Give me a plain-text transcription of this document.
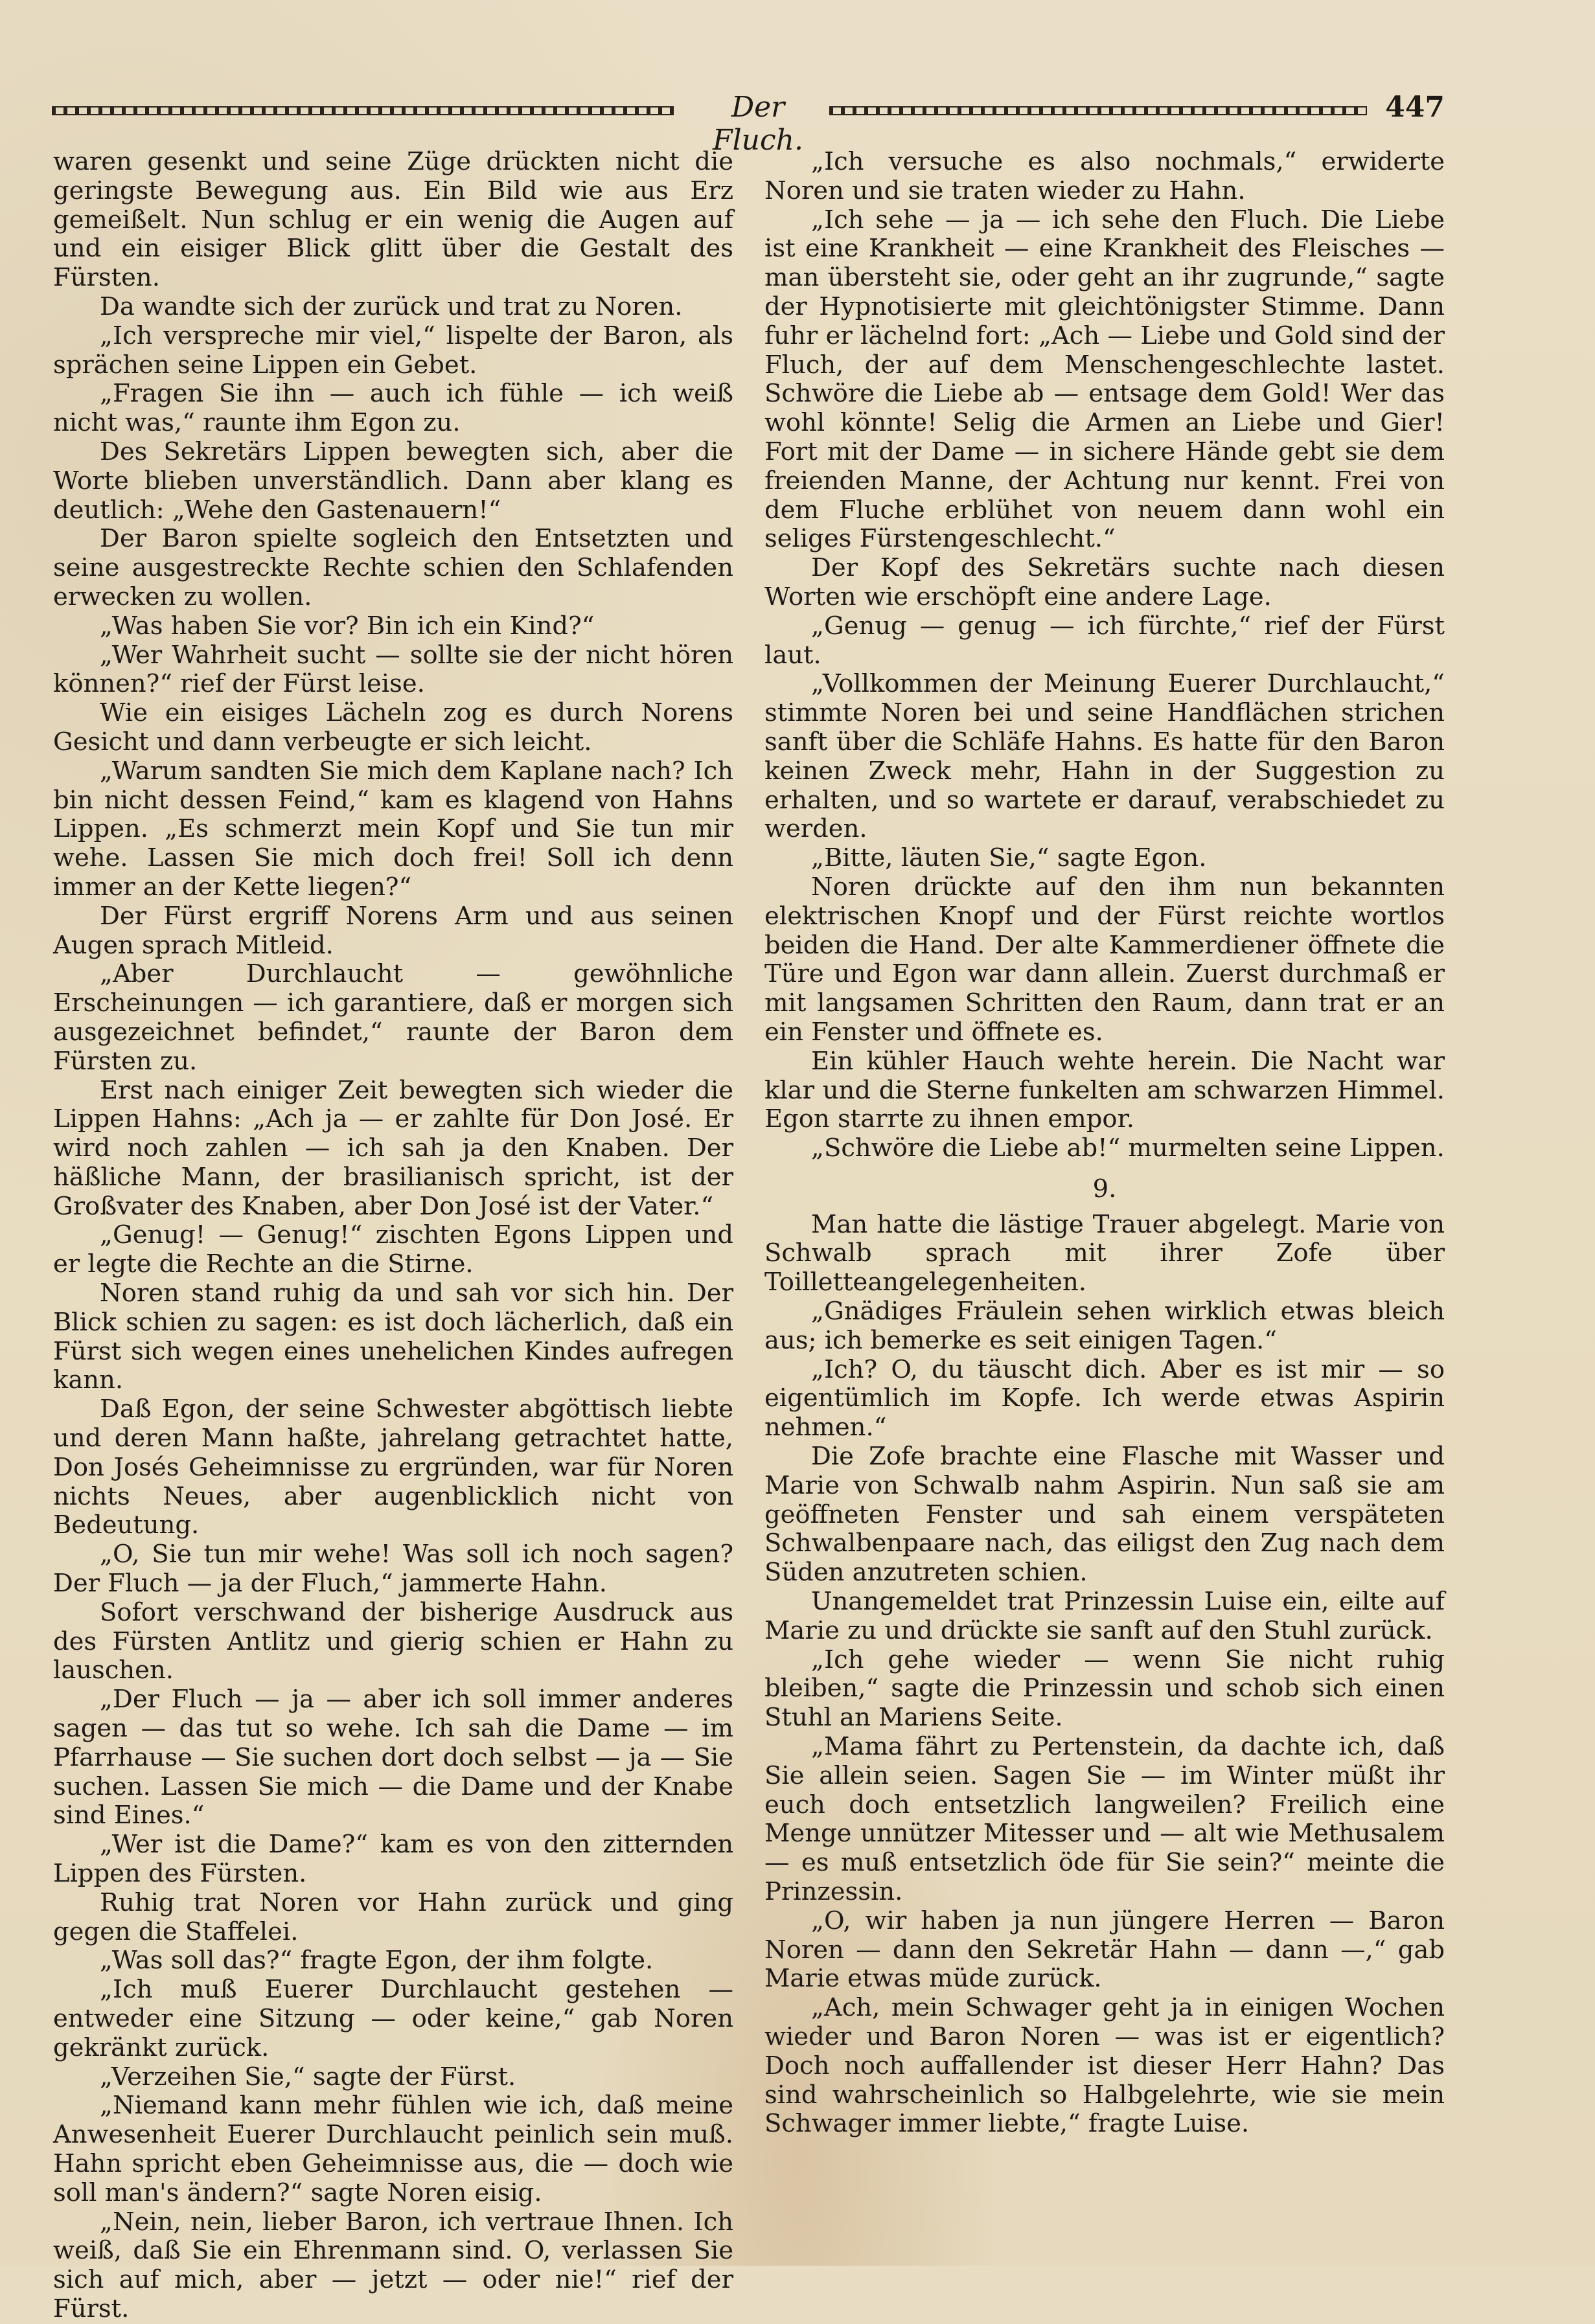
Der Fluch.
447

waren gesenkt und seine Züge drückten nicht die geringste Bewegung aus. Ein Bild wie aus Erz gemeißelt. Nun schlug er ein wenig die Augen auf und ein eisiger Blick glitt über die Gestalt des Fürsten.

Da wandte sich der zurück und trat zu Noren.

„Ich verspreche mir viel,“ lispelte der Baron, als sprächen seine Lippen ein Gebet.

„Fragen Sie ihn — auch ich fühle — ich weiß nicht was,“ raunte ihm Egon zu.

Des Sekretärs Lippen bewegten sich, aber die Worte blieben unverständlich. Dann aber klang es deutlich: „Wehe den Gastenauern!“

Der Baron spielte sogleich den Entsetzten und seine ausgestreckte Rechte schien den Schlafenden erwecken zu wollen.

„Was haben Sie vor? Bin ich ein Kind?“

„Wer Wahrheit sucht — sollte sie der nicht hören können?“ rief der Fürst leise.

Wie ein eisiges Lächeln zog es durch Norens Gesicht und dann verbeugte er sich leicht.

„Warum sandten Sie mich dem Kaplane nach? Ich bin nicht dessen Feind,“ kam es klagend von Hahns Lippen. „Es schmerzt mein Kopf und Sie tun mir wehe. Lassen Sie mich doch frei! Soll ich denn immer an der Kette liegen?“

Der Fürst ergriff Norens Arm und aus seinen Augen sprach Mitleid.

„Aber Durchlaucht — gewöhnliche Erscheinungen — ich garantiere, daß er morgen sich ausgezeichnet befindet,“ raunte der Baron dem Fürsten zu.

Erst nach einiger Zeit bewegten sich wieder die Lippen Hahns: „Ach ja — er zahlte für Don José. Er wird noch zahlen — ich sah ja den Knaben. Der häßliche Mann, der brasilianisch spricht, ist der Großvater des Knaben, aber Don José ist der Vater.“

„Genug! — Genug!“ zischten Egons Lippen und er legte die Rechte an die Stirne.

Noren stand ruhig da und sah vor sich hin. Der Blick schien zu sagen: es ist doch lächerlich, daß ein Fürst sich wegen eines unehelichen Kindes aufregen kann.

Daß Egon, der seine Schwester abgöttisch liebte und deren Mann haßte, jahrelang getrachtet hatte, Don Josés Geheimnisse zu ergründen, war für Noren nichts Neues, aber augenblicklich nicht von Bedeutung.

„O, Sie tun mir wehe! Was soll ich noch sagen? Der Fluch — ja der Fluch,“ jammerte Hahn.

Sofort verschwand der bisherige Ausdruck aus des Fürsten Antlitz und gierig schien er Hahn zu lauschen.

„Der Fluch — ja — aber ich soll immer anderes sagen — das tut so wehe. Ich sah die Dame — im Pfarrhause — Sie suchen dort doch selbst — ja — Sie suchen. Lassen Sie mich — die Dame und der Knabe sind Eines.“

„Wer ist die Dame?“ kam es von den zitternden Lippen des Fürsten.

Ruhig trat Noren vor Hahn zurück und ging gegen die Staffelei.

„Was soll das?“ fragte Egon, der ihm folgte.

„Ich muß Euerer Durchlaucht gestehen — entweder eine Sitzung — oder keine,“ gab Noren gekränkt zurück.

„Verzeihen Sie,“ sagte der Fürst.

„Niemand kann mehr fühlen wie ich, daß meine Anwesenheit Euerer Durchlaucht peinlich sein muß. Hahn spricht eben Geheimnisse aus, die — doch wie soll man's ändern?“ sagte Noren eisig.

„Nein, nein, lieber Baron, ich vertraue Ihnen. Ich weiß, daß Sie ein Ehrenmann sind. O, verlassen Sie sich auf mich, aber — jetzt — oder nie!“ rief der Fürst.

„Ich versuche es also nochmals,“ erwiderte Noren und sie traten wieder zu Hahn.

„Ich sehe — ja — ich sehe den Fluch. Die Liebe ist eine Krankheit — eine Krankheit des Fleisches — man übersteht sie, oder geht an ihr zugrunde,“ sagte der Hypnotisierte mit gleichtönigster Stimme. Dann fuhr er lächelnd fort: „Ach — Liebe und Gold sind der Fluch, der auf dem Menschengeschlechte lastet. Schwöre die Liebe ab — entsage dem Gold! Wer das wohl könnte! Selig die Armen an Liebe und Gier! Fort mit der Dame — in sichere Hände gebt sie dem freienden Manne, der Achtung nur kennt. Frei von dem Fluche erblühet von neuem dann wohl ein seliges Fürstengeschlecht.“

Der Kopf des Sekretärs suchte nach diesen Worten wie erschöpft eine andere Lage.

„Genug — genug — ich fürchte,“ rief der Fürst laut.

„Vollkommen der Meinung Euerer Durchlaucht,“ stimmte Noren bei und seine Handflächen strichen sanft über die Schläfe Hahns. Es hatte für den Baron keinen Zweck mehr, Hahn in der Suggestion zu erhalten, und so wartete er darauf, verabschiedet zu werden.

„Bitte, läuten Sie,“ sagte Egon.

Noren drückte auf den ihm nun bekannten elektrischen Knopf und der Fürst reichte wortlos beiden die Hand. Der alte Kammerdiener öffnete die Türe und Egon war dann allein. Zuerst durchmaß er mit langsamen Schritten den Raum, dann trat er an ein Fenster und öffnete es.

Ein kühler Hauch wehte herein. Die Nacht war klar und die Sterne funkelten am schwarzen Himmel. Egon starrte zu ihnen empor.

„Schwöre die Liebe ab!“ murmelten seine Lippen.

9.

Man hatte die lästige Trauer abgelegt. Marie von Schwalb sprach mit ihrer Zofe über Toilletteangelegenheiten.

„Gnädiges Fräulein sehen wirklich etwas bleich aus; ich bemerke es seit einigen Tagen.“

„Ich? O, du täuscht dich. Aber es ist mir — so eigentümlich im Kopfe. Ich werde etwas Aspirin nehmen.“

Die Zofe brachte eine Flasche mit Wasser und Marie von Schwalb nahm Aspirin. Nun saß sie am geöffneten Fenster und sah einem verspäteten Schwalbenpaare nach, das eiligst den Zug nach dem Süden anzutreten schien.

Unangemeldet trat Prinzessin Luise ein, eilte auf Marie zu und drückte sie sanft auf den Stuhl zurück.

„Ich gehe wieder — wenn Sie nicht ruhig bleiben,“ sagte die Prinzessin und schob sich einen Stuhl an Mariens Seite.

„Mama fährt zu Pertenstein, da dachte ich, daß Sie allein seien. Sagen Sie — im Winter müßt ihr euch doch entsetzlich langweilen? Freilich eine Menge unnützer Mitesser und — alt wie Methusalem — es muß entsetzlich öde für Sie sein?“ meinte die Prinzessin.

„O, wir haben ja nun jüngere Herren — Baron Noren — dann den Sekretär Hahn — dann —,“ gab Marie etwas müde zurück.

„Ach, mein Schwager geht ja in einigen Wochen wieder und Baron Noren — was ist er eigentlich? Doch noch auffallender ist dieser Herr Hahn? Das sind wahrscheinlich so Halbgelehrte, wie sie mein Schwager immer liebte,“ fragte Luise.
